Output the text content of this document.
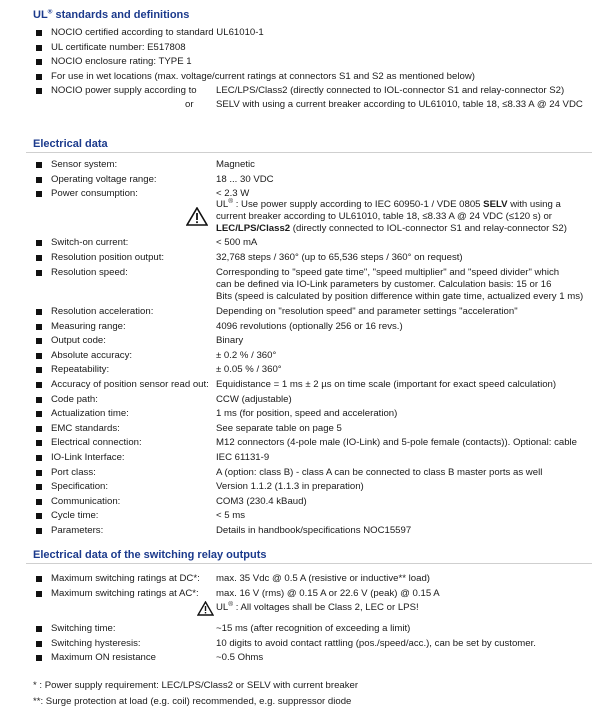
UL® standards and definitions
NOCIO certified according to standard UL61010-1
UL certificate number: E517808
NOCIO enclosure rating: TYPE 1
For use in wet locations (max. voltage/current ratings at connectors S1 and S2 as mentioned below)
NOCIO power supply according to LEC/LPS/Class2 (directly connected to IOL-connector S1 and relay-connector S2)
or SELV with using a current breaker according to UL61010, table 18, ≤8.33 A @ 24 VDC
Electrical data
Sensor system:	Magnetic
Operating voltage range:	18 ... 30 VDC
Power consumption:	< 2.3 W
UL® : Use power supply according to IEC 60950-1 / VDE 0805 SELV with using a
current breaker according to UL61010, table 18, ≤8.33 A @ 24 VDC (≤120 s) or
LEC/LPS/Class2 (directly connected to IOL-connector S1 and relay-connector S2)
Switch-on current:	< 500 mA
Resolution position output:	32,768 steps / 360° (up to 65,536 steps / 360° on request)
Resolution speed:	Corresponding to "speed gate time", "speed multiplier" and "speed divider" which
can be defined via IO-Link parameters by customer. Calculation basis: 15 or 16
Bits (speed is calculated by position difference within gate time, actualized every 1 ms)
Resolution acceleration:	Depending on "resolution speed" and parameter settings "acceleration"
Measuring range:	4096 revolutions (optionally 256 or 16 revs.)
Output code:	Binary
Absolute accuracy:	± 0.2 % / 360°
Repeatability:	± 0.05 % / 360°
Accuracy of position sensor read out: Equidistance = 1 ms ± 2 µs on time scale (important for exact speed calculation)
Code path:	CCW (adjustable)
Actualization time:	1 ms (for position, speed and acceleration)
EMC standards:	See separate table on page 5
Electrical connection:	M12 connectors (4-pole male (IO-Link) and 5-pole female (contacts)). Optional: cable
IO-Link Interface:	IEC 61131-9
Port class:	A (option: class B) - class A can be connected to class B master ports as well
Specification:	Version 1.1.2 (1.1.3 in preparation)
Communication:	COM3 (230.4 kBaud)
Cycle time:	< 5 ms
Parameters:	Details in handbook/specifications NOC15597
Electrical data of the switching relay outputs
Maximum switching ratings at DC*: max. 35 Vdc @ 0.5 A (resistive or inductive** load)
Maximum switching ratings at AC*: max. 16 V (rms) @ 0.15 A or 22.6 V (peak) @ 0.15 A
UL® : All voltages shall be Class 2, LEC or LPS!
Switching time:	~15 ms (after recognition of exceeding a limit)
Switching hysteresis:	10 digits to avoid contact rattling (pos./speed/acc.), can be set by customer.
Maximum ON resistance	~0.5 Ohms
* : Power supply requirement: LEC/LPS/Class2 or SELV with current breaker
**: Surge protection at load (e.g. coil) recommended, e.g. suppressor diode
